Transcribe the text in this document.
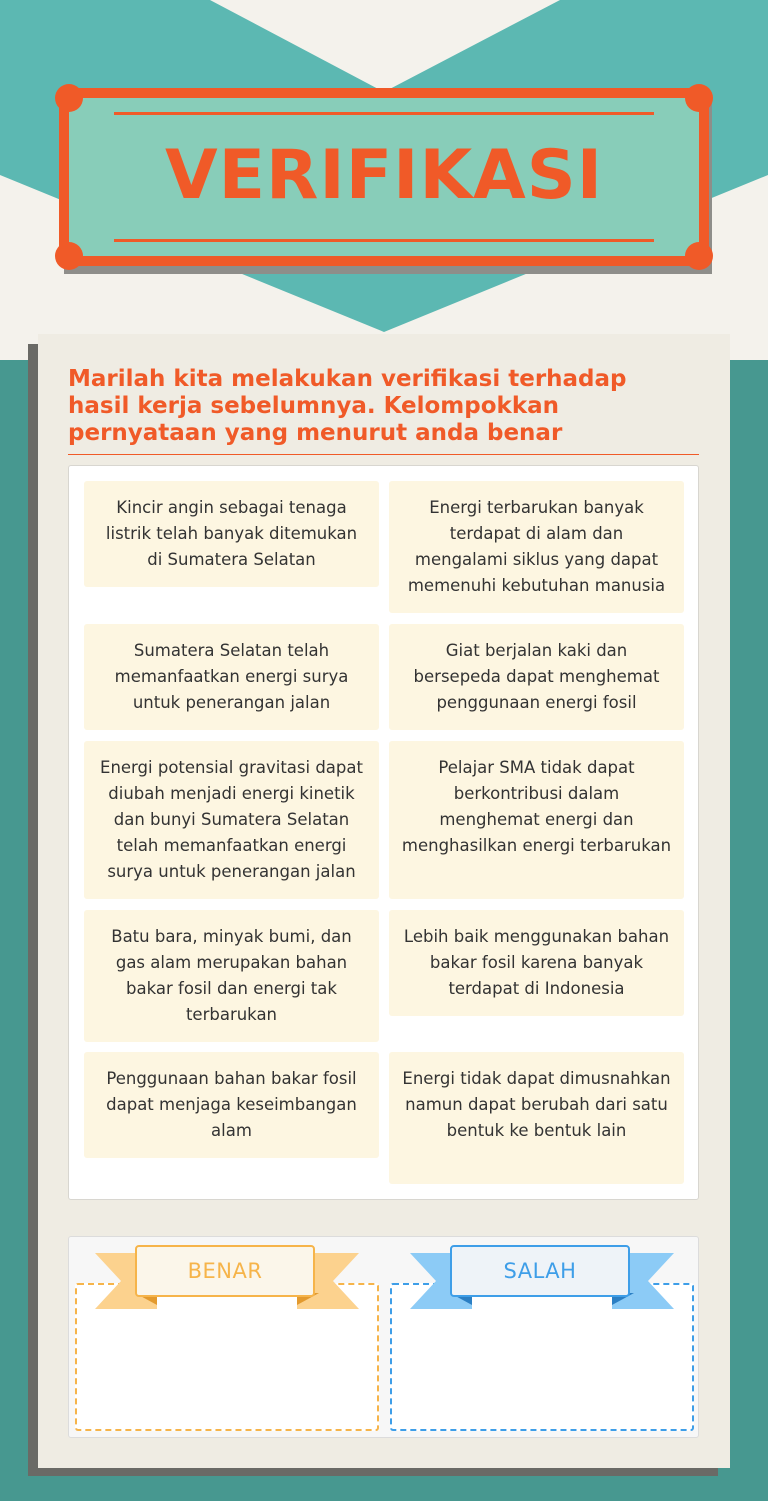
VERIFIKASI

Marilah kita melakukan verifikasi terhadap hasil kerja sebelumnya. Kelompokkan pernyataan yang menurut anda benar

Kincir angin sebagai tenaga listrik telah banyak ditemukan di Sumatera Selatan
Energi terbarukan banyak terdapat di alam dan mengalami siklus yang dapat memenuhi kebutuhan manusia
Sumatera Selatan telah memanfaatkan energi surya untuk penerangan jalan
Giat berjalan kaki dan bersepeda dapat menghemat penggunaan energi fosil
Energi potensial gravitasi dapat diubah menjadi energi kinetik dan bunyi Sumatera Selatan telah memanfaatkan energi surya untuk penerangan jalan
Pelajar SMA tidak dapat berkontribusi dalam menghemat energi dan menghasilkan energi terbarukan
Batu bara, minyak bumi, dan gas alam merupakan bahan bakar fosil dan energi tak terbarukan
Lebih baik menggunakan bahan bakar fosil karena banyak terdapat di Indonesia
Penggunaan bahan bakar fosil dapat menjaga keseimbangan alam
Energi tidak dapat dimusnahkan namun dapat berubah dari satu bentuk ke bentuk lain
BENAR	SALAH
